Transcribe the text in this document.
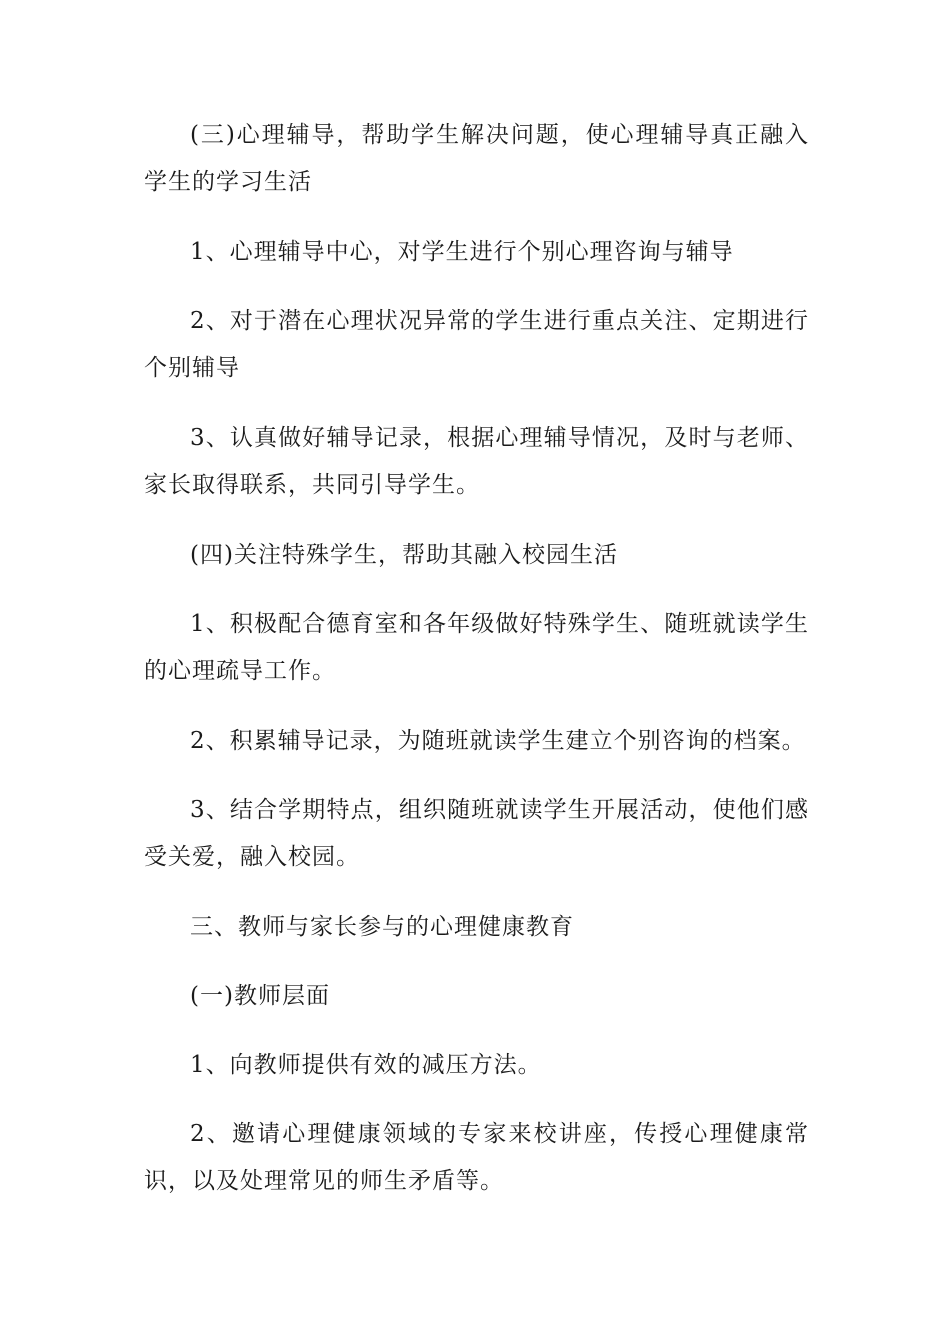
(三)心理辅导，帮助学生解决问题，使心理辅导真正融入学生的学习生活

1、心理辅导中心，对学生进行个别心理咨询与辅导

2、对于潜在心理状况异常的学生进行重点关注、定期进行个别辅导

3、认真做好辅导记录，根据心理辅导情况，及时与老师、家长取得联系，共同引导学生。

(四)关注特殊学生，帮助其融入校园生活

1、积极配合德育室和各年级做好特殊学生、随班就读学生的心理疏导工作。

2、积累辅导记录，为随班就读学生建立个别咨询的档案。

3、结合学期特点，组织随班就读学生开展活动，使他们感受关爱，融入校园。

三、教师与家长参与的心理健康教育

(一)教师层面

1、向教师提供有效的减压方法。

2、邀请心理健康领域的专家来校讲座，传授心理健康常识，以及处理常见的师生矛盾等。
